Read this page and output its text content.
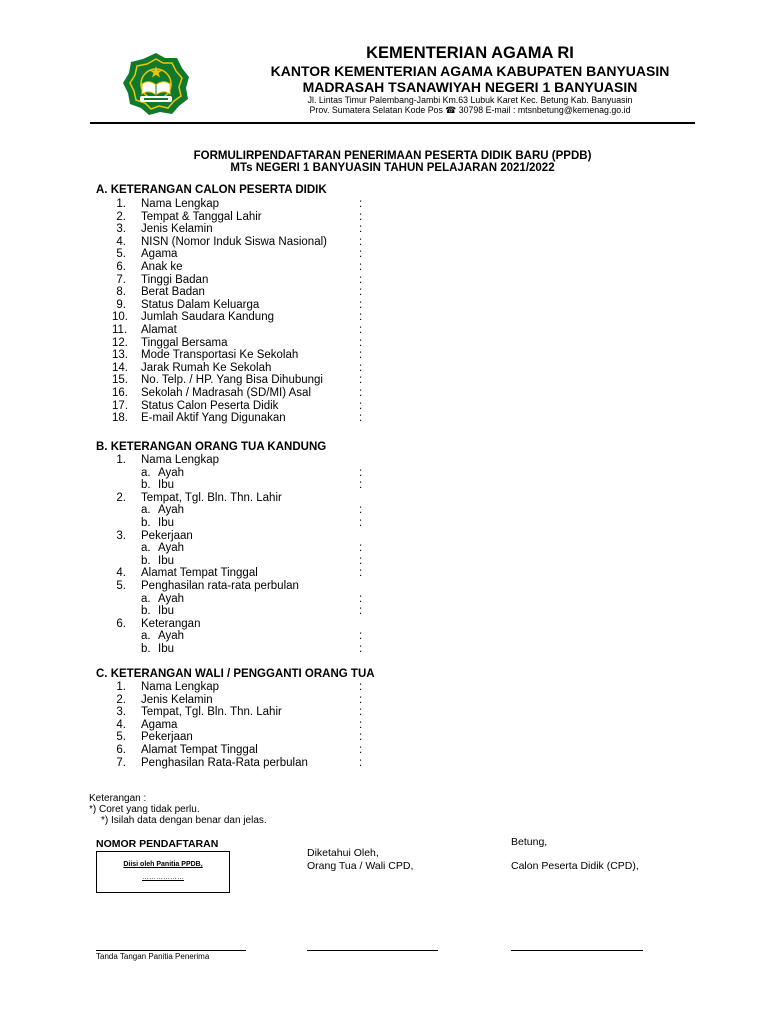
KEMENTERIAN AGAMA RI
KANTOR KEMENTERIAN AGAMA KABUPATEN BANYUASIN
MADRASAH TSANAWIYAH NEGERI 1 BANYUASIN
Jl. Lintas Timur Palembang-Jambi Km.63 Lubuk Karet Kec. Betung Kab. Banyuasin
Prov. Sumatera Selatan Kode Pos ☎ 30798 E-mail : mtsnbetung@kemenag.go.id
FORMULIRPENDAFTARAN PENERIMAAN PESERTA DIDIK BARU (PPDB)
MTs NEGERI 1 BANYUASIN TAHUN PELAJARAN 2021/2022
A. KETERANGAN CALON PESERTA DIDIK
1. Nama Lengkap	:
2. Tempat & Tanggal Lahir	:
3. Jenis Kelamin	:
4. NISN (Nomor Induk Siswa Nasional)	:
5. Agama	:
6. Anak ke	:
7. Tinggi Badan	:
8. Berat Badan	:
9. Status Dalam Keluarga	:
10. Jumlah Saudara Kandung	:
11. Alamat	:
12. Tinggal Bersama	:
13. Mode Transportasi Ke Sekolah	:
14. Jarak Rumah Ke Sekolah	:
15. No. Telp. / HP. Yang Bisa Dihubungi	:
16. Sekolah / Madrasah (SD/MI) Asal	:
17. Status Calon Peserta Didik	:
18. E-mail Aktif Yang Digunakan	:
B. KETERANGAN ORANG TUA KANDUNG
1. Nama Lengkap
a. Ayah	:
b. Ibu	:
2. Tempat, Tgl. Bln. Thn. Lahir
a. Ayah	:
b. Ibu	:
3. Pekerjaan
a. Ayah	:
b. Ibu	:
4. Alamat Tempat Tinggal	:
5. Penghasilan rata-rata perbulan
a. Ayah	:
b. Ibu	:
6. Keterangan
a. Ayah	:
b. Ibu	:
C. KETERANGAN WALI / PENGGANTI ORANG TUA
1. Nama Lengkap	:
2. Jenis Kelamin	:
3. Tempat, Tgl. Bln. Thn. Lahir	:
4. Agama	:
5. Pekerjaan	:
6. Alamat Tempat Tinggal	:
7. Penghasilan Rata-Rata perbulan	:
Keterangan :
*) Coret yang tidak perlu.
*) Isilah data dengan benar dan jelas.
NOMOR PENDAFTARAN
Diisi oleh Panitia PPDB,
………………
Diketahui Oleh,
Orang Tua / Wali CPD,
Betung,
Calon Peserta Didik (CPD),
Tanda Tangan Panitia Penerima
